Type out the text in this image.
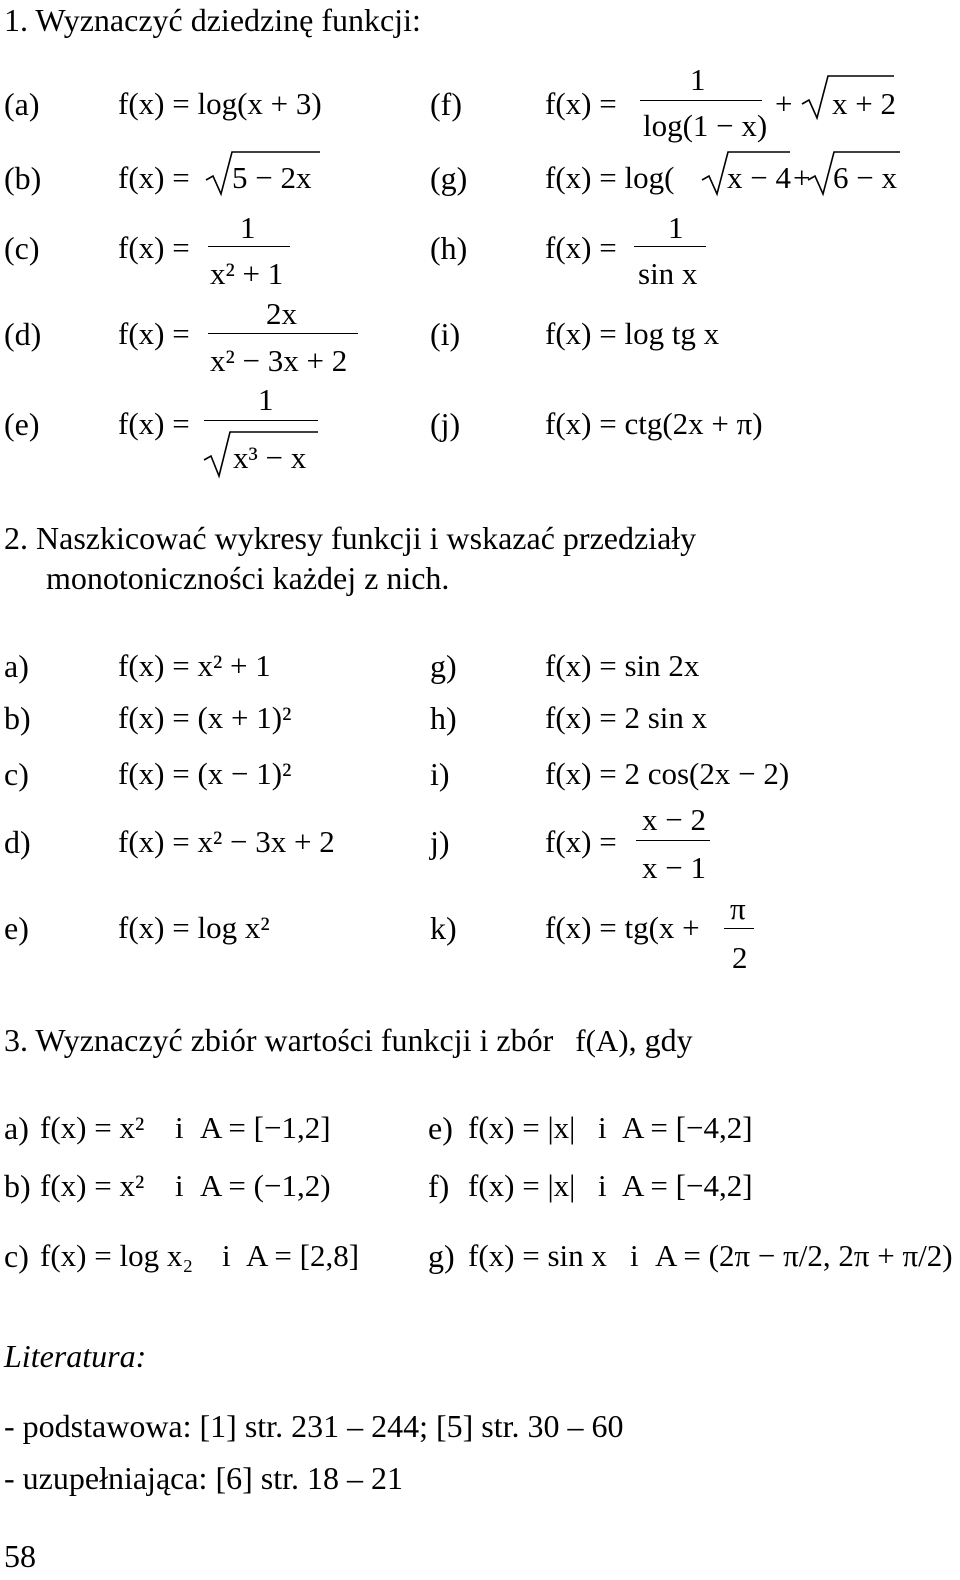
1. Wyznaczyć dziedzinę funkcji:
(a)	f(x) = log(x + 3)	(f)	f(x) =
1
log(1 − x)
+ x + 2
(b) f(x) = 5 − 2x	(g)	f(x) = log( x − 4 + 6 − x
(c)	f(x) =
1
x² + 1
(h)	f(x) =
1
sin x
(d) f(x) =
2x
x² − 3x + 2
(i)	f(x) = log tg x
(e)	f(x) =
1
x³ − x
(j)	f(x) = ctg(2x + π)
2. Naszkicować wykresy funkcji i wskazać przedziały
monotoniczności każdej z nich.
a)	f(x) = x² + 1	g)	f(x) = sin 2x
b)	f(x) = (x + 1)²	h)	f(x) = 2 sin x
c)	f(x) = (x − 1)²	i)	f(x) = 2 cos(2x − 2)
d)	f(x) = x² − 3x + 2	j)	f(x) =
x − 2
x − 1
e)	f(x) = log x²	k)	f(x) = tg(x +
π
2
3. Wyznaczyć zbiór wartości funkcji i zbór f(A), gdy
a) f(x) = x² i A = [−1,2]	e) f(x) = |x| i A = [−4,2]
b) f(x) = x² i A = (−1,2)	f) f(x) = |x| i A = [−4,2]
c) f(x) = log x₂ i A = [2,8] g) f(x) = sin x i A = (2π − π/2, 2π + π/2)
Literatura:
- podstawowa: [1] str. 231 – 244; [5] str. 30 – 60
- uzupełniająca: [6] str. 18 – 21
58
